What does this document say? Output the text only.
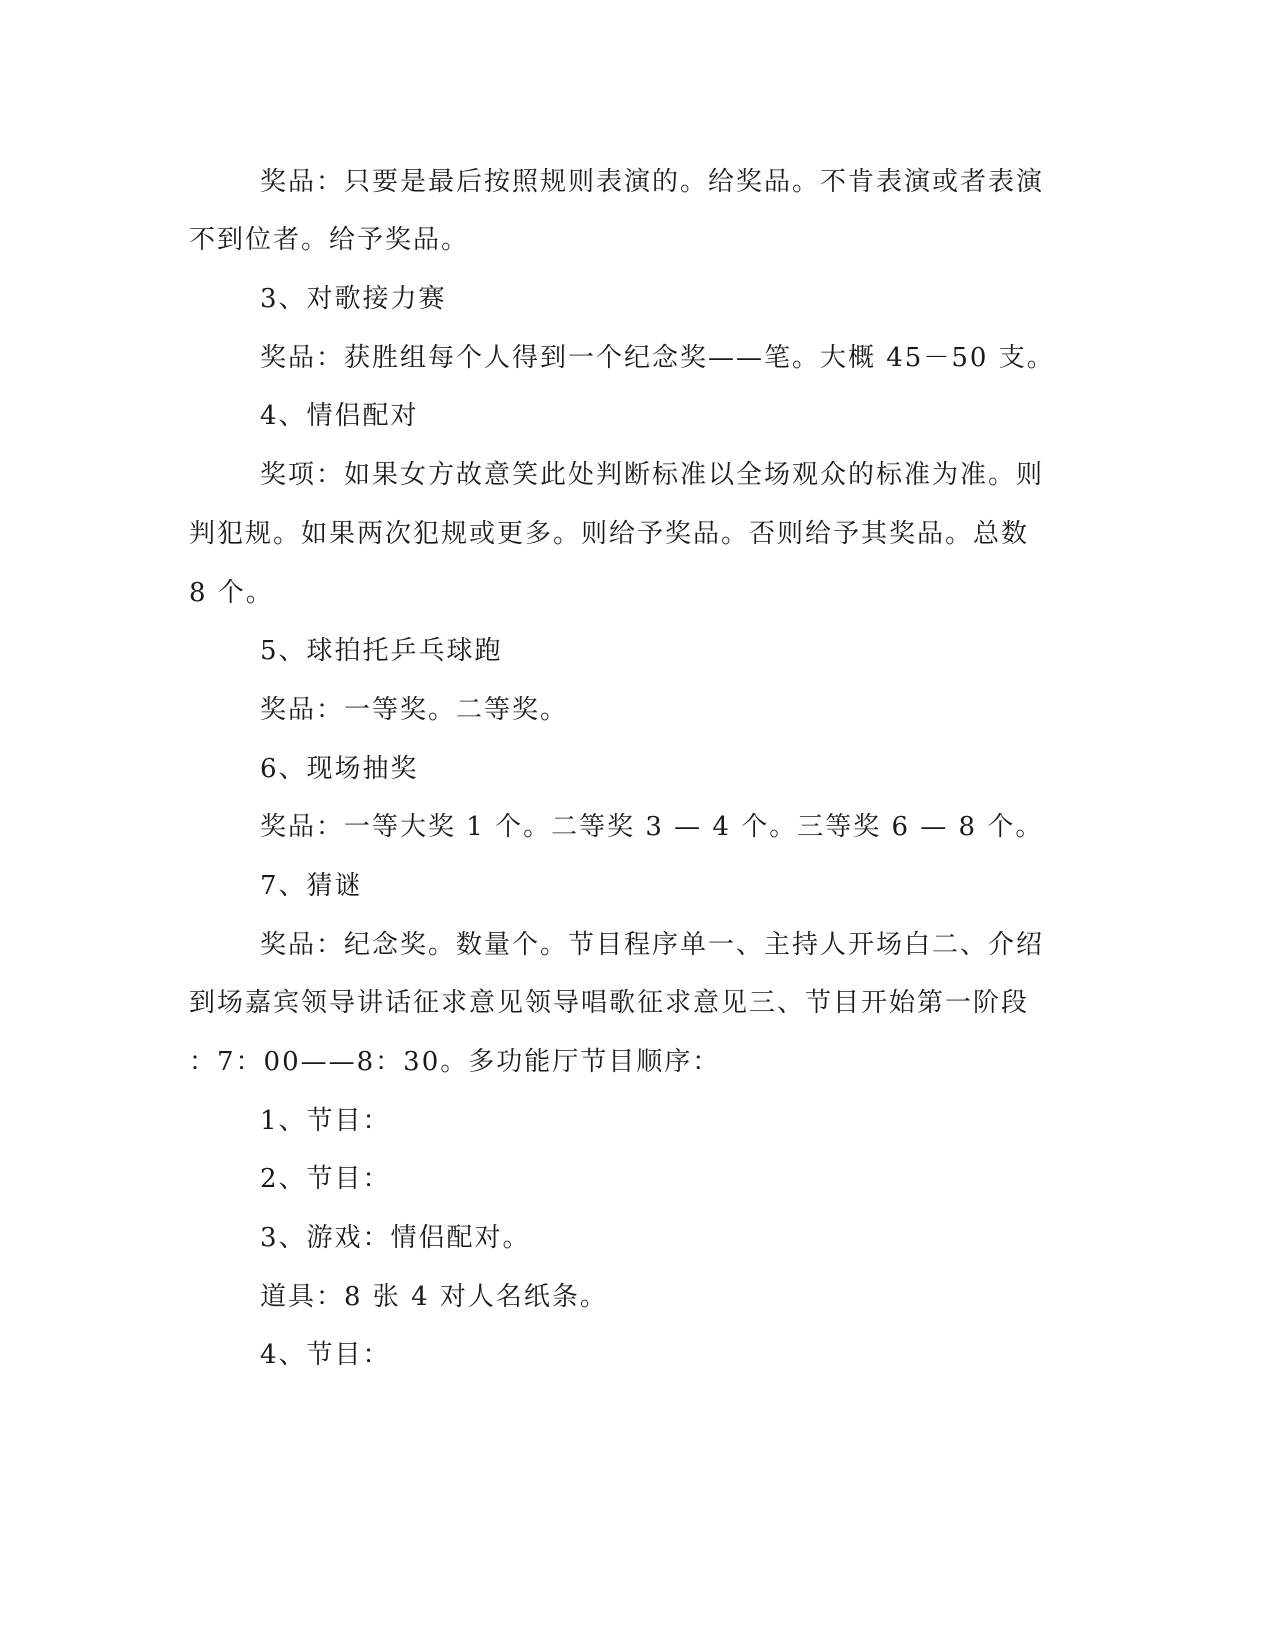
奖品：只要是最后按照规则表演的。给奖品。不肯表演或者表演

不到位者。给予奖品。

3、对歌接力赛

奖品：获胜组每个人得到一个纪念奖——笔。大概 45－50 支。

4、情侣配对

奖项：如果女方故意笑此处判断标准以全场观众的标准为准。则

判犯规。如果两次犯规或更多。则给予奖品。否则给予其奖品。总数

8 个。

5、球拍托乒乓球跑

奖品：一等奖。二等奖。

6、现场抽奖

奖品：一等大奖 1 个。二等奖 3 — 4 个。三等奖 6 — 8 个。

7、猜谜

奖品：纪念奖。数量个。节目程序单一、主持人开场白二、介绍

到场嘉宾领导讲话征求意见领导唱歌征求意见三、节目开始第一阶段

：7：00——8：30。多功能厅节目顺序：

1、节目：

2、节目：

3、游戏：情侣配对。

道具：8 张 4 对人名纸条。

4、节目：
